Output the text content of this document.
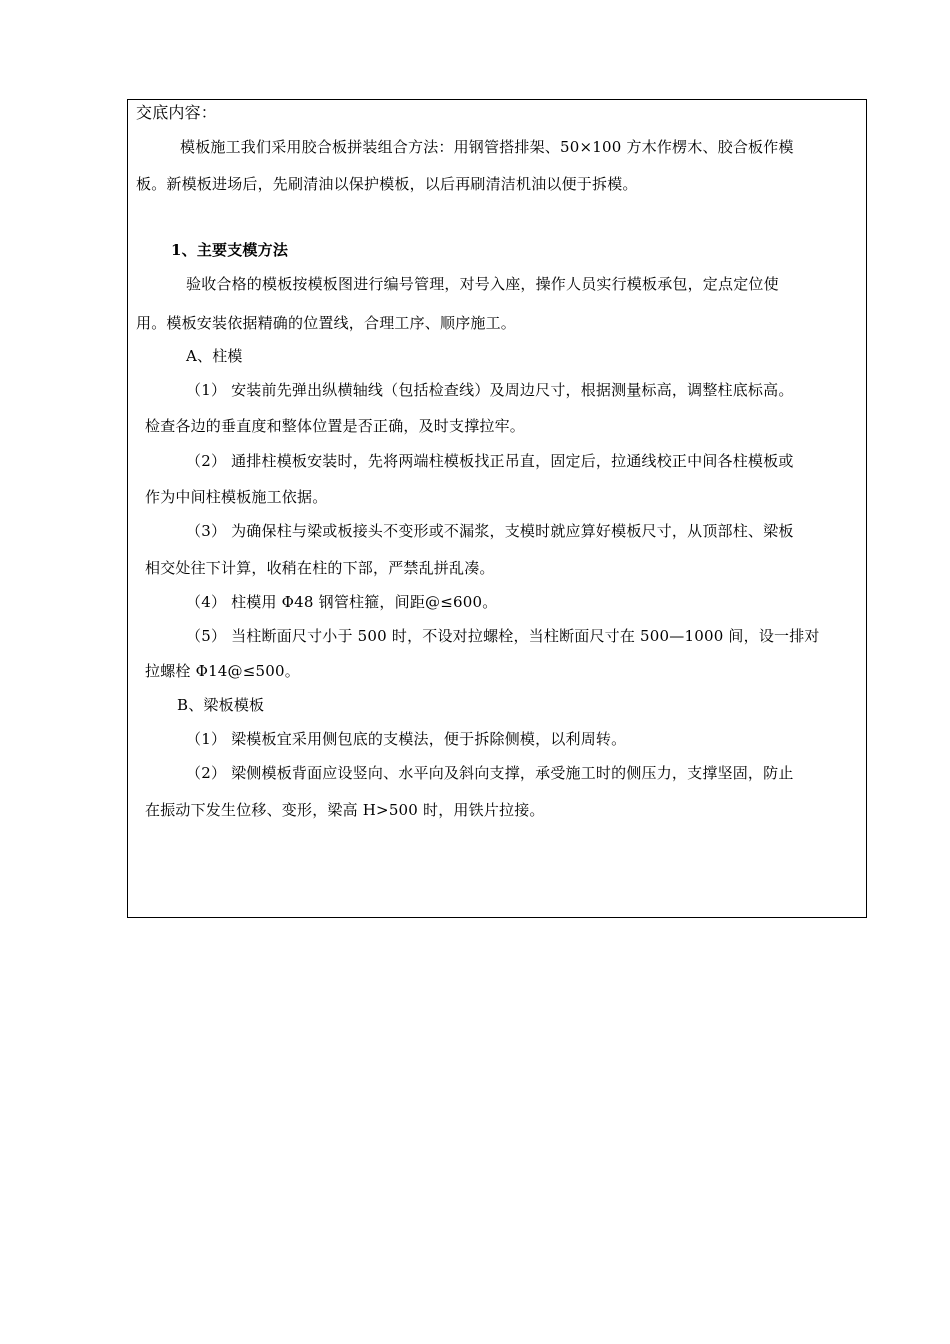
交底内容：
模板施工我们采用胶合板拼装组合方法：用钢管搭排架、50×100 方木作楞木、胶合板作模
板。新模板进场后，先刷清油以保护模板，以后再刷清洁机油以便于拆模。
1、主要支模方法
验收合格的模板按模板图进行编号管理，对号入座，操作人员实行模板承包，定点定位使
用。模板安装依据精确的位置线，合理工序、顺序施工。
A、柱模
（1） 安装前先弹出纵横轴线（包括检查线）及周边尺寸，根据测量标高，调整柱底标高。
检查各边的垂直度和整体位置是否正确，及时支撑拉牢。
（2） 通排柱模板安装时，先将两端柱模板找正吊直，固定后，拉通线校正中间各柱模板或
作为中间柱模板施工依据。
（3） 为确保柱与梁或板接头不变形或不漏浆，支模时就应算好模板尺寸，从顶部柱、梁板
相交处往下计算，收稍在柱的下部，严禁乱拼乱凑。
（4） 柱模用 Φ48 钢管柱箍，间距@≤600。
（5） 当柱断面尺寸小于 500 时，不设对拉螺栓，当柱断面尺寸在 500—1000 间，设一排对
拉螺栓 Φ14@≤500。
B、梁板模板
（1） 梁模板宜采用侧包底的支模法，便于拆除侧模，以利周转。
（2） 梁侧模板背面应设竖向、水平向及斜向支撑，承受施工时的侧压力，支撑坚固，防止
在振动下发生位移、变形，梁高 H>500 时，用铁片拉接。
